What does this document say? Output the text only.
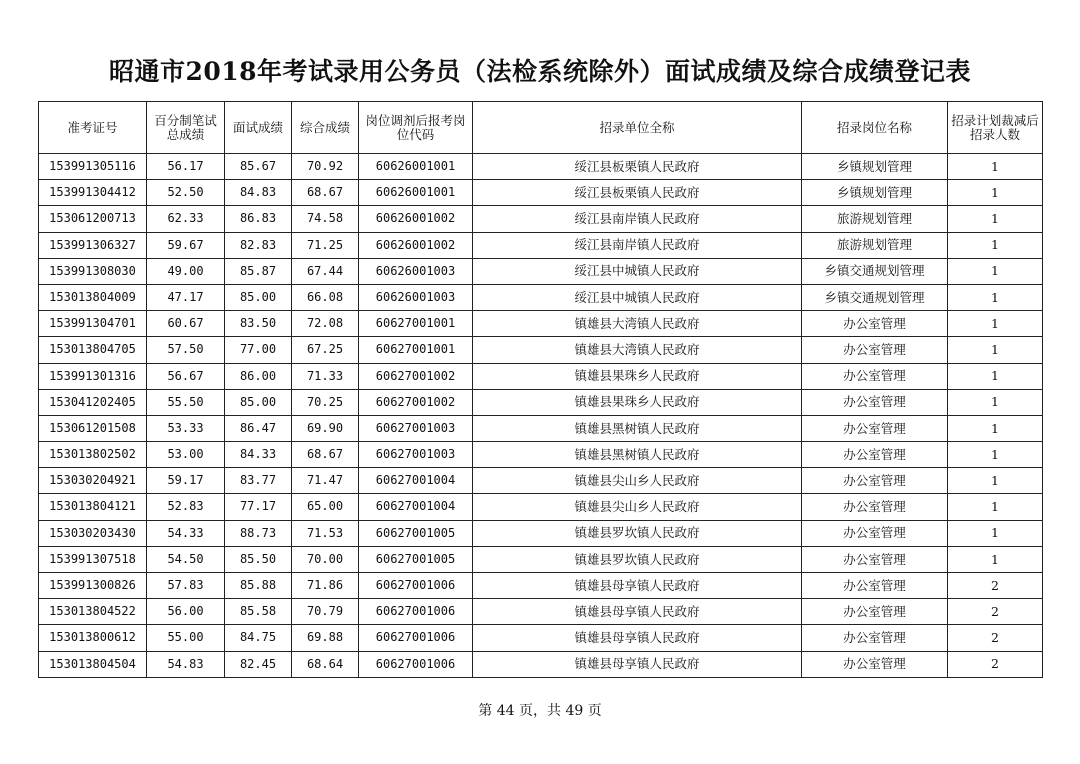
昭通市2018年考试录用公务员（法检系统除外）面试成绩及综合成绩登记表
准考证号	百分制笔试总成绩	面试成绩	综合成绩	岗位调剂后报考岗位代码	招录单位全称	招录岗位名称	招录计划裁减后招录人数
153991305116	56.17	85.67	70.92	60626001001	绥江县板栗镇人民政府	乡镇规划管理	1
153991304412	52.50	84.83	68.67	60626001001	绥江县板栗镇人民政府	乡镇规划管理	1
153061200713	62.33	86.83	74.58	60626001002	绥江县南岸镇人民政府	旅游规划管理	1
153991306327	59.67	82.83	71.25	60626001002	绥江县南岸镇人民政府	旅游规划管理	1
153991308030	49.00	85.87	67.44	60626001003	绥江县中城镇人民政府	乡镇交通规划管理	1
153013804009	47.17	85.00	66.08	60626001003	绥江县中城镇人民政府	乡镇交通规划管理	1
153991304701	60.67	83.50	72.08	60627001001	镇雄县大湾镇人民政府	办公室管理	1
153013804705	57.50	77.00	67.25	60627001001	镇雄县大湾镇人民政府	办公室管理	1
153991301316	56.67	86.00	71.33	60627001002	镇雄县果珠乡人民政府	办公室管理	1
153041202405	55.50	85.00	70.25	60627001002	镇雄县果珠乡人民政府	办公室管理	1
153061201508	53.33	86.47	69.90	60627001003	镇雄县黑树镇人民政府	办公室管理	1
153013802502	53.00	84.33	68.67	60627001003	镇雄县黑树镇人民政府	办公室管理	1
153030204921	59.17	83.77	71.47	60627001004	镇雄县尖山乡人民政府	办公室管理	1
153013804121	52.83	77.17	65.00	60627001004	镇雄县尖山乡人民政府	办公室管理	1
153030203430	54.33	88.73	71.53	60627001005	镇雄县罗坎镇人民政府	办公室管理	1
153991307518	54.50	85.50	70.00	60627001005	镇雄县罗坎镇人民政府	办公室管理	1
153991300826	57.83	85.88	71.86	60627001006	镇雄县母享镇人民政府	办公室管理	2
153013804522	56.00	85.58	70.79	60627001006	镇雄县母享镇人民政府	办公室管理	2
153013800612	55.00	84.75	69.88	60627001006	镇雄县母享镇人民政府	办公室管理	2
153013804504	54.83	82.45	68.64	60627001006	镇雄县母享镇人民政府	办公室管理	2
第 44 页，共 49 页
